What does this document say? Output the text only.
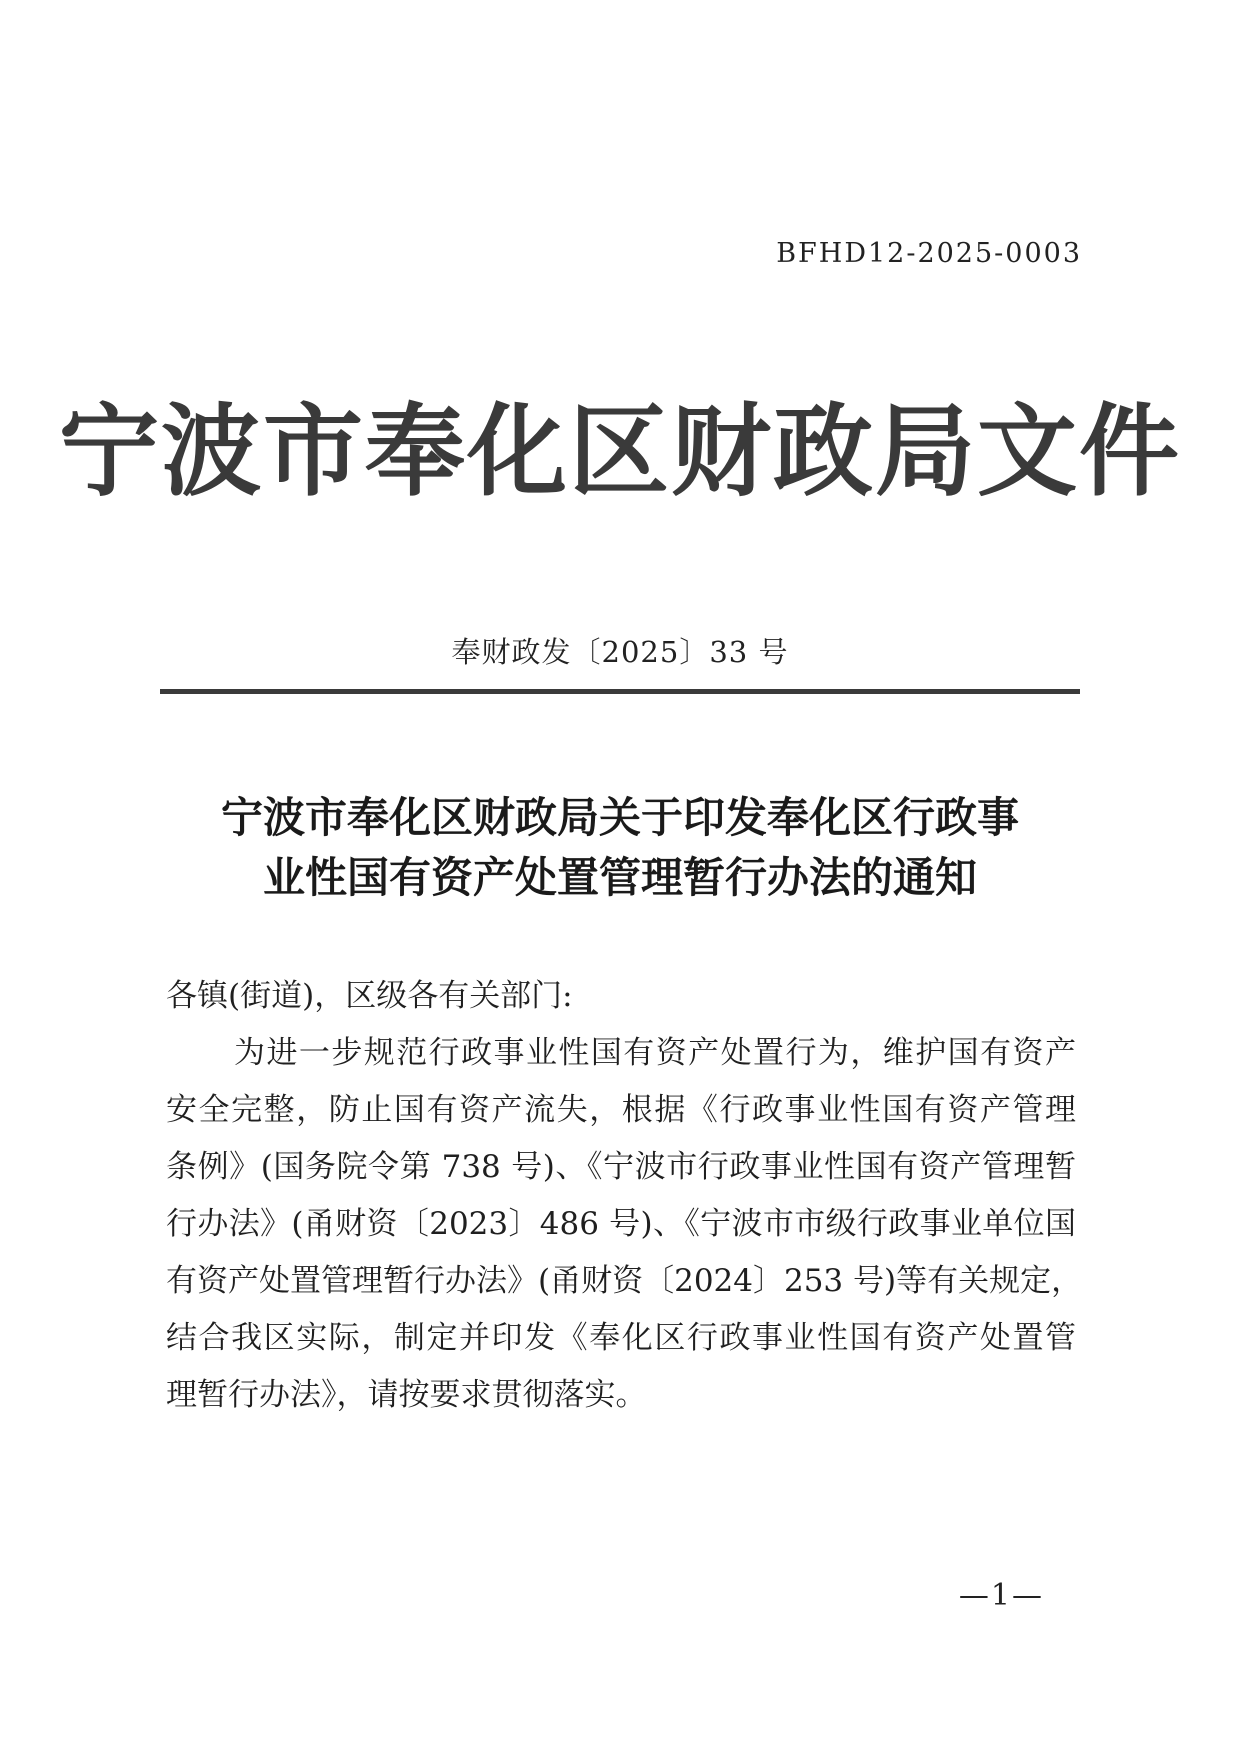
BFHD12-2025-0003
宁波市奉化区财政局文件
奉财政发〔2025〕33 号
宁波市奉化区财政局关于印发奉化区行政事
业性国有资产处置管理暂行办法的通知
各镇(街道)，区级各有关部门:
为进一步规范行政事业性国有资产处置行为，维护国有资产
安全完整，防止国有资产流失，根据《行政事业性国有资产管理
条例》(国务院令第 738 号)、《宁波市行政事业性国有资产管理暂
行办法》(甬财资〔2023〕486 号)、《宁波市市级行政事业单位国
有资产处置管理暂行办法》(甬财资〔2024〕253 号)等有关规定，
结合我区实际，制定并印发《奉化区行政事业性国有资产处置管
理暂行办法》，请按要求贯彻落实。
—1—
